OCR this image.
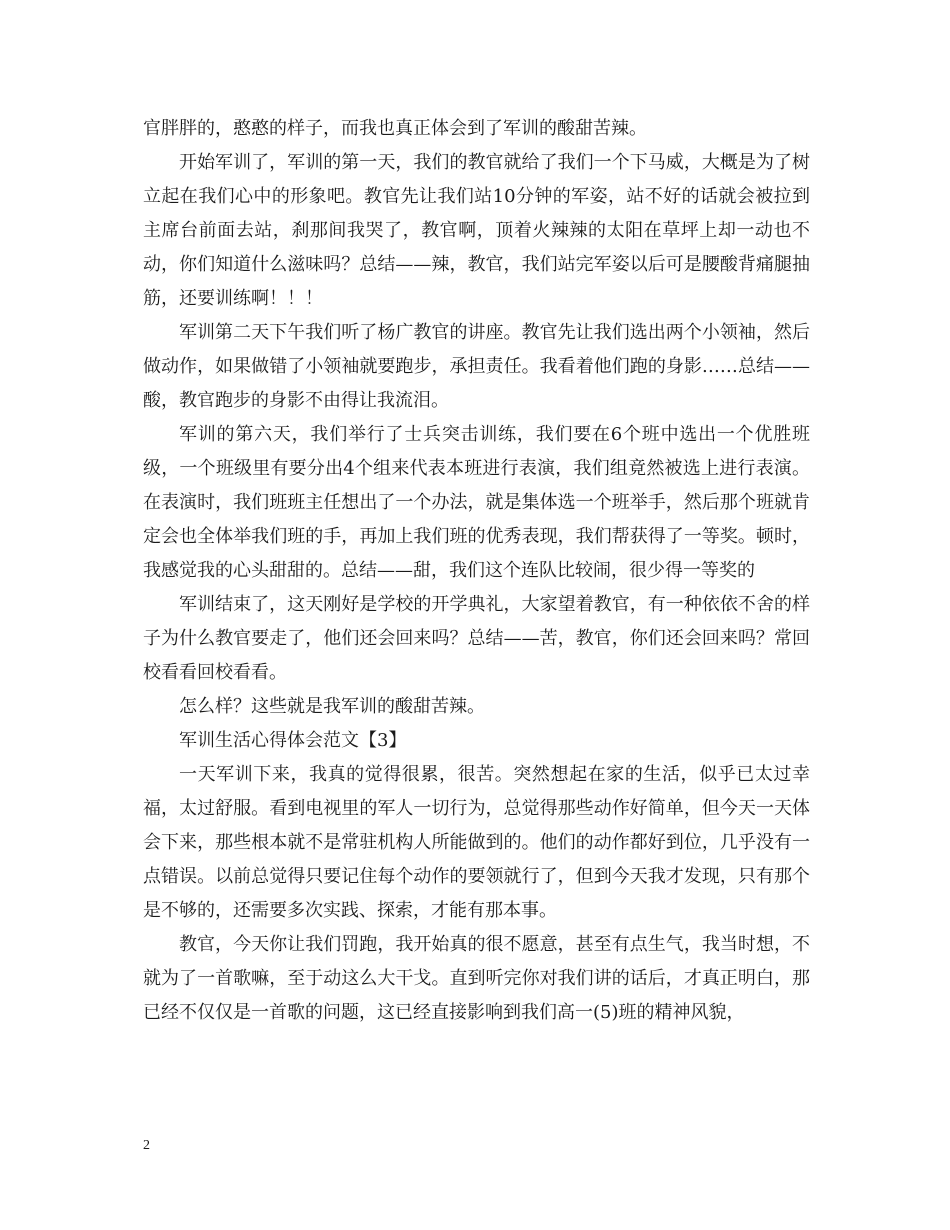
官胖胖的，憨憨的样子，而我也真正体会到了军训的酸甜苦辣。

开始军训了，军训的第一天，我们的教官就给了我们一个下马威，大概是为了树立起在我们心中的形象吧。教官先让我们站10分钟的军姿，站不好的话就会被拉到主席台前面去站，刹那间我哭了，教官啊，顶着火辣辣的太阳在草坪上却一动也不动，你们知道什么滋味吗？总结——辣，教官，我们站完军姿以后可是腰酸背痛腿抽筋，还要训练啊！！！

军训第二天下午我们听了杨广教官的讲座。教官先让我们选出两个小领袖，然后做动作，如果做错了小领袖就要跑步，承担责任。我看着他们跑的身影……总结——酸，教官跑步的身影不由得让我流泪。

军训的第六天，我们举行了士兵突击训练，我们要在6个班中选出一个优胜班级，一个班级里有要分出4个组来代表本班进行表演，我们组竟然被选上进行表演。在表演时，我们班班主任想出了一个办法，就是集体选一个班举手，然后那个班就肯定会也全体举我们班的手，再加上我们班的优秀表现，我们帮获得了一等奖。顿时，我感觉我的心头甜甜的。总结——甜，我们这个连队比较闹，很少得一等奖的

军训结束了，这天刚好是学校的开学典礼，大家望着教官，有一种依依不舍的样子为什么教官要走了，他们还会回来吗？总结——苦，教官，你们还会回来吗？常回校看看回校看看。

怎么样？这些就是我军训的酸甜苦辣。

军训生活心得体会范文【3】

一天军训下来，我真的觉得很累，很苦。突然想起在家的生活，似乎已太过幸福，太过舒服。看到电视里的军人一切行为，总觉得那些动作好简单，但今天一天体会下来，那些根本就不是常驻机构人所能做到的。他们的动作都好到位，几乎没有一点错误。以前总觉得只要记住每个动作的要领就行了，但到今天我才发现，只有那个是不够的，还需要多次实践、探索，才能有那本事。

教官，今天你让我们罚跑，我开始真的很不愿意，甚至有点生气，我当时想，不就为了一首歌嘛，至于动这么大干戈。直到听完你对我们讲的话后，才真正明白，那已经不仅仅是一首歌的问题，这已经直接影响到我们高一(5)班的精神风貌，

2
